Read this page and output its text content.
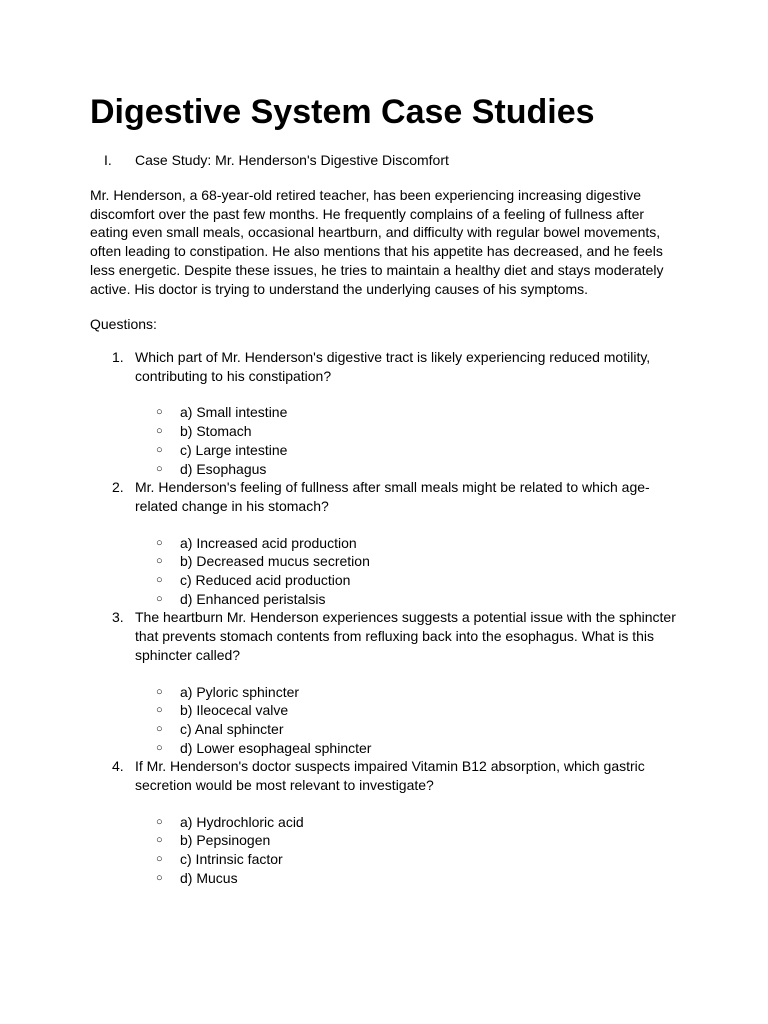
Digestive System Case Studies
I. Case Study: Mr. Henderson's Digestive Discomfort

Mr. Henderson, a 68-year-old retired teacher, has been experiencing increasing digestive discomfort over the past few months. He frequently complains of a feeling of fullness after eating even small meals, occasional heartburn, and difficulty with regular bowel movements, often leading to constipation. He also mentions that his appetite has decreased, and he feels less energetic. Despite these issues, he tries to maintain a healthy diet and stays moderately active. His doctor is trying to understand the underlying causes of his symptoms.

Questions:
1. Which part of Mr. Henderson's digestive tract is likely experiencing reduced motility, contributing to his constipation?

○ a) Small intestine
○ b) Stomach
○ c) Large intestine
○ d) Esophagus
2. Mr. Henderson's feeling of fullness after small meals might be related to which age-related change in his stomach?

○ a) Increased acid production
○ b) Decreased mucus secretion
○ c) Reduced acid production
○ d) Enhanced peristalsis
3. The heartburn Mr. Henderson experiences suggests a potential issue with the sphincter that prevents stomach contents from refluxing back into the esophagus. What is this sphincter called?

○ a) Pyloric sphincter
○ b) Ileocecal valve
○ c) Anal sphincter
○ d) Lower esophageal sphincter
4. If Mr. Henderson's doctor suspects impaired Vitamin B12 absorption, which gastric secretion would be most relevant to investigate?

○ a) Hydrochloric acid
○ b) Pepsinogen
○ c) Intrinsic factor
○ d) Mucus
